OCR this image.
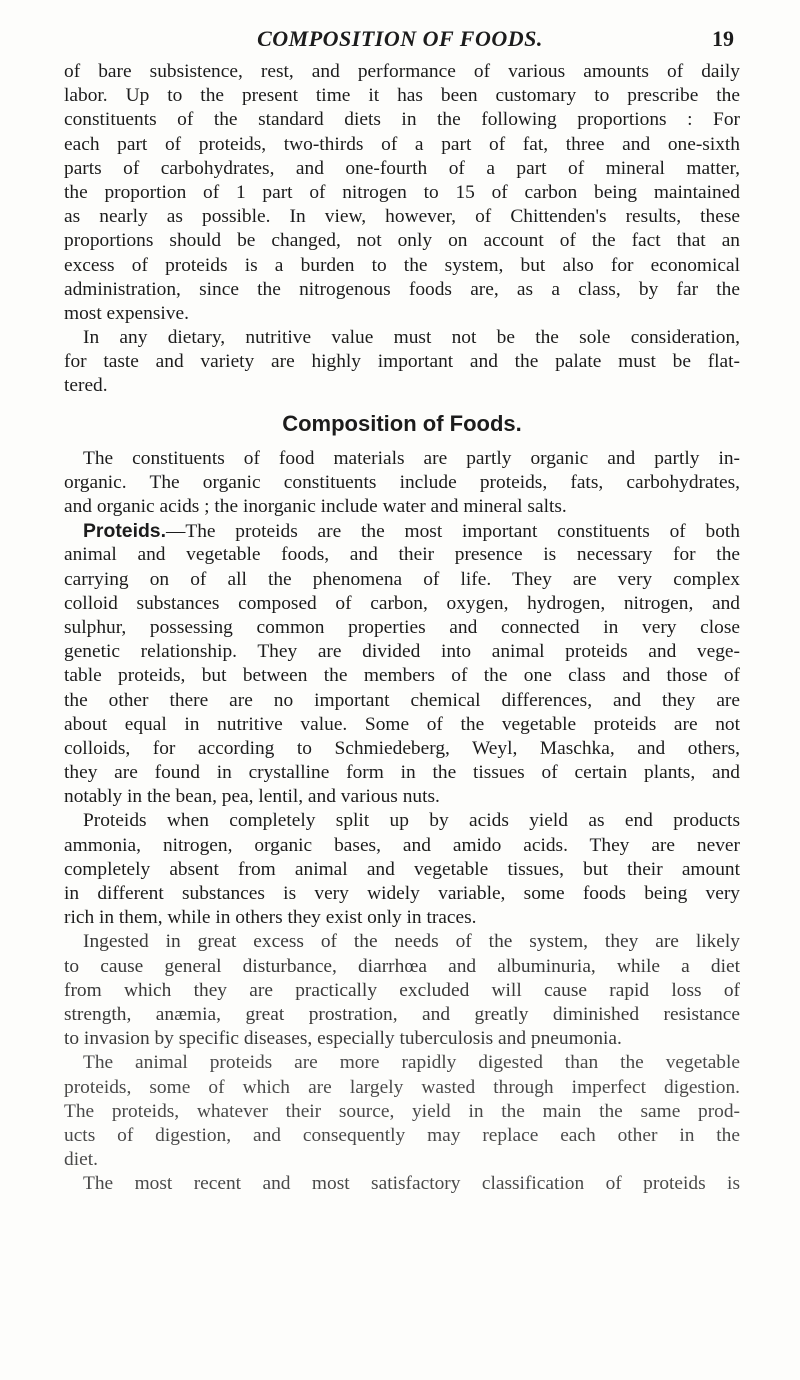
COMPOSITION OF FOODS.	19
of bare subsistence, rest, and performance of various amounts of daily
labor. Up to the present time it has been customary to prescribe the
constituents of the standard diets in the following proportions : For
each part of proteids, two-thirds of a part of fat, three and one-sixth
parts of carbohydrates, and one-fourth of a part of mineral matter,
the proportion of 1 part of nitrogen to 15 of carbon being maintained
as nearly as possible. In view, however, of Chittenden's results, these
proportions should be changed, not only on account of the fact that an
excess of proteids is a burden to the system, but also for economical
administration, since the nitrogenous foods are, as a class, by far the
most expensive.
In any dietary, nutritive value must not be the sole consideration,
for taste and variety are highly important and the palate must be flat-
tered.
Composition of Foods.
The constituents of food materials are partly organic and partly in-
organic. The organic constituents include proteids, fats, carbohydrates,
and organic acids ; the inorganic include water and mineral salts.
Proteids.—The proteids are the most important constituents of both
animal and vegetable foods, and their presence is necessary for the
carrying on of all the phenomena of life. They are very complex
colloid substances composed of carbon, oxygen, hydrogen, nitrogen, and
sulphur, possessing common properties and connected in very close
genetic relationship. They are divided into animal proteids and vege-
table proteids, but between the members of the one class and those of
the other there are no important chemical differences, and they are
about equal in nutritive value. Some of the vegetable proteids are not
colloids, for according to Schmiedeberg, Weyl, Maschka, and others,
they are found in crystalline form in the tissues of certain plants, and
notably in the bean, pea, lentil, and various nuts.
Proteids when completely split up by acids yield as end products
ammonia, nitrogen, organic bases, and amido acids. They are never
completely absent from animal and vegetable tissues, but their amount
in different substances is very widely variable, some foods being very
rich in them, while in others they exist only in traces.
Ingested in great excess of the needs of the system, they are likely
to cause general disturbance, diarrhœa and albuminuria, while a diet
from which they are practically excluded will cause rapid loss of
strength, anæmia, great prostration, and greatly diminished resistance
to invasion by specific diseases, especially tuberculosis and pneumonia.
The animal proteids are more rapidly digested than the vegetable
proteids, some of which are largely wasted through imperfect digestion.
The proteids, whatever their source, yield in the main the same prod-
ucts of digestion, and consequently may replace each other in the
diet.
The most recent and most satisfactory classification of proteids is
